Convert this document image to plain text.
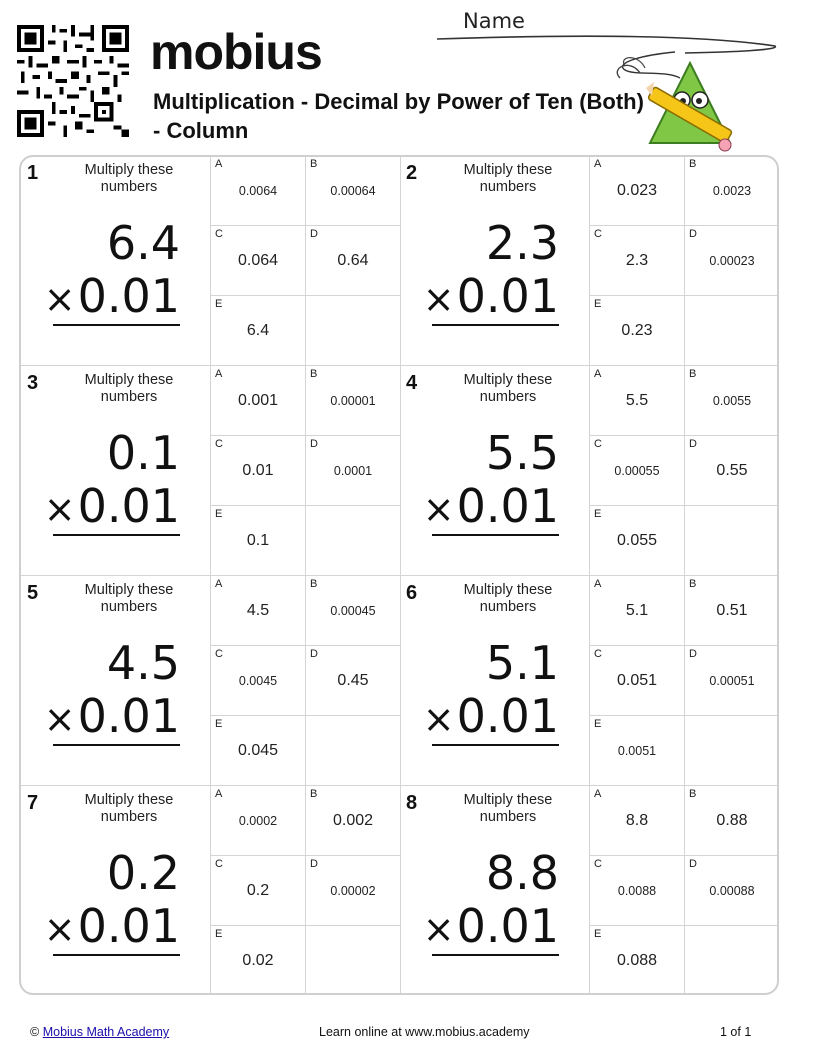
mobius
Multiplication - Decimal by Power of Ten (Both) - Column
Name
1	Multiply these numbers
6.4
×0.01
A
0.0064
B
0.00064
C
0.064
D
0.64
E
6.4
2	Multiply these numbers
2.3
×0.01
A
0.023
B
0.0023
C
2.3
D
0.00023
E
0.23
3	Multiply these numbers
0.1
×0.01
A
0.001
B
0.00001
C
0.01
D
0.0001
E
0.1
4	Multiply these numbers
5.5
×0.01
A
5.5
B
0.0055
C
0.00055
D
0.55
E
0.055
5	Multiply these numbers
4.5
×0.01
A
4.5
B
0.00045
C
0.0045
D
0.45
E
0.045
6	Multiply these numbers
5.1
×0.01
A
5.1
B
0.51
C
0.051
D
0.00051
E
0.0051
7	Multiply these numbers
0.2
×0.01
A
0.0002
B
0.002
C
0.2
D
0.00002
E
0.02
8	Multiply these numbers
8.8
×0.01
A
8.8
B
0.88
C
0.0088
D
0.00088
E
0.088
© Mobius Math Academy	Learn online at www.mobius.academy	1 of 1
